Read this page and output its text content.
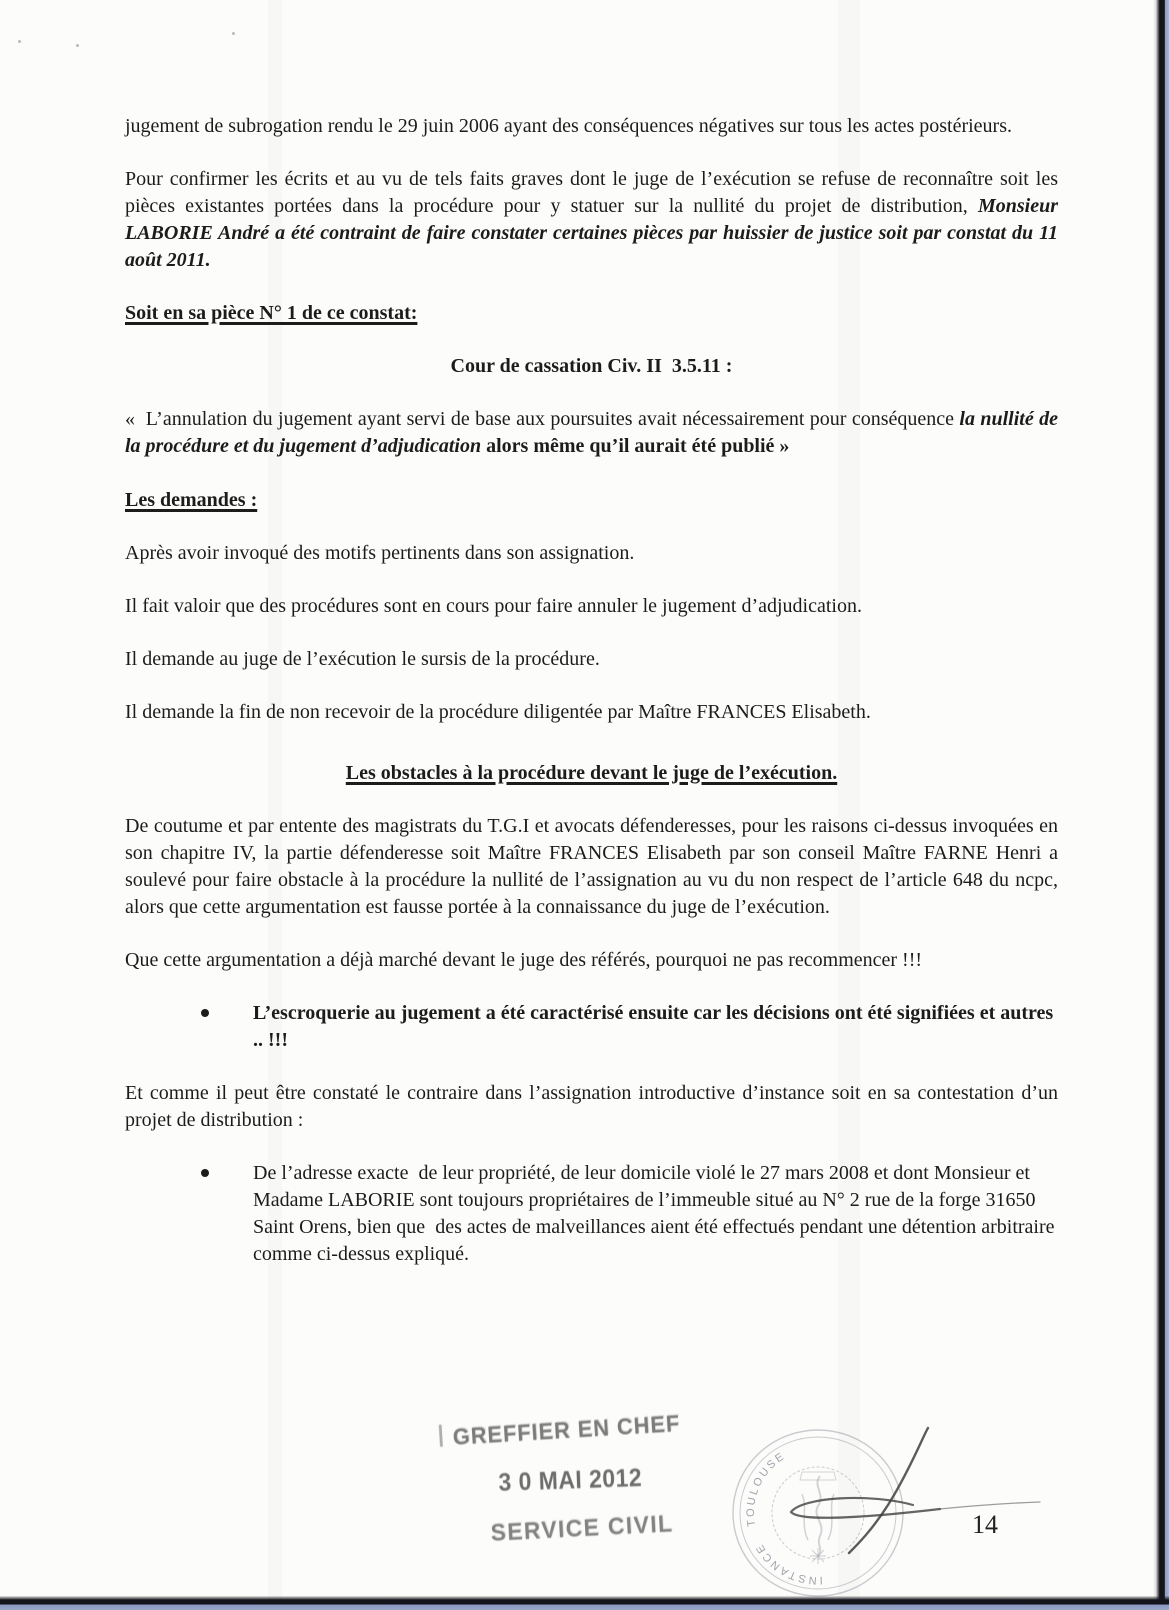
jugement de subrogation rendu le 29 juin 2006 ayant des conséquences négatives sur tous les actes postérieurs.
Pour confirmer les écrits et au vu de tels faits graves dont le juge de l’exécution se refuse de reconnaître soit les pièces existantes portées dans la procédure pour y statuer sur la nullité du projet de distribution, Monsieur LABORIE André a été contraint de faire constater certaines pièces par huissier de justice soit par constat du 11 août 2011.
Soit en sa pièce N° 1 de ce constat:
Cour de cassation Civ. II  3.5.11 :
«  L’annulation du jugement ayant servi de base aux poursuites avait nécessairement pour conséquence la nullité de la procédure et du jugement d’adjudication alors même qu’il aurait été publié »
Les demandes :
Après avoir invoqué des motifs pertinents dans son assignation.
Il fait valoir que des procédures sont en cours pour faire annuler le jugement d’adjudication.
Il demande au juge de l’exécution le sursis de la procédure.
Il demande la fin de non recevoir de la procédure diligentée par Maître FRANCES Elisabeth.
Les obstacles à la procédure devant le juge de l’exécution.
De coutume et par entente des magistrats du T.G.I et avocats défenderesses, pour les raisons ci-dessus invoquées en son chapitre IV, la partie défenderesse soit Maître FRANCES Elisabeth par son conseil Maître FARNE Henri a soulevé pour faire obstacle à la procédure la nullité de l’assignation au vu du non respect de l’article 648 du ncpc, alors que cette argumentation est fausse portée à la connaissance du juge de l’exécution.
Que cette argumentation a déjà marché devant le juge des référés, pourquoi ne pas recommencer !!!
L’escroquerie au jugement a été caractérisé ensuite car les décisions ont été signifiées et autres .. !!!
Et comme il peut être constaté le contraire dans l’assignation introductive d’instance soit en sa contestation d’un projet de distribution :
De l’adresse exacte  de leur propriété, de leur domicile violé le 27 mars 2008 et dont Monsieur et Madame LABORIE sont toujours propriétaires de l’immeuble situé au N° 2 rue de la forge 31650 Saint Orens, bien que  des actes de malveillances aient été effectués pendant une détention arbitraire comme ci-dessus expliqué.
GREFFIER EN CHEF
3 0 MAI 2012
SERVICE CIVIL
INSTANCE
TOULOUSE
14
